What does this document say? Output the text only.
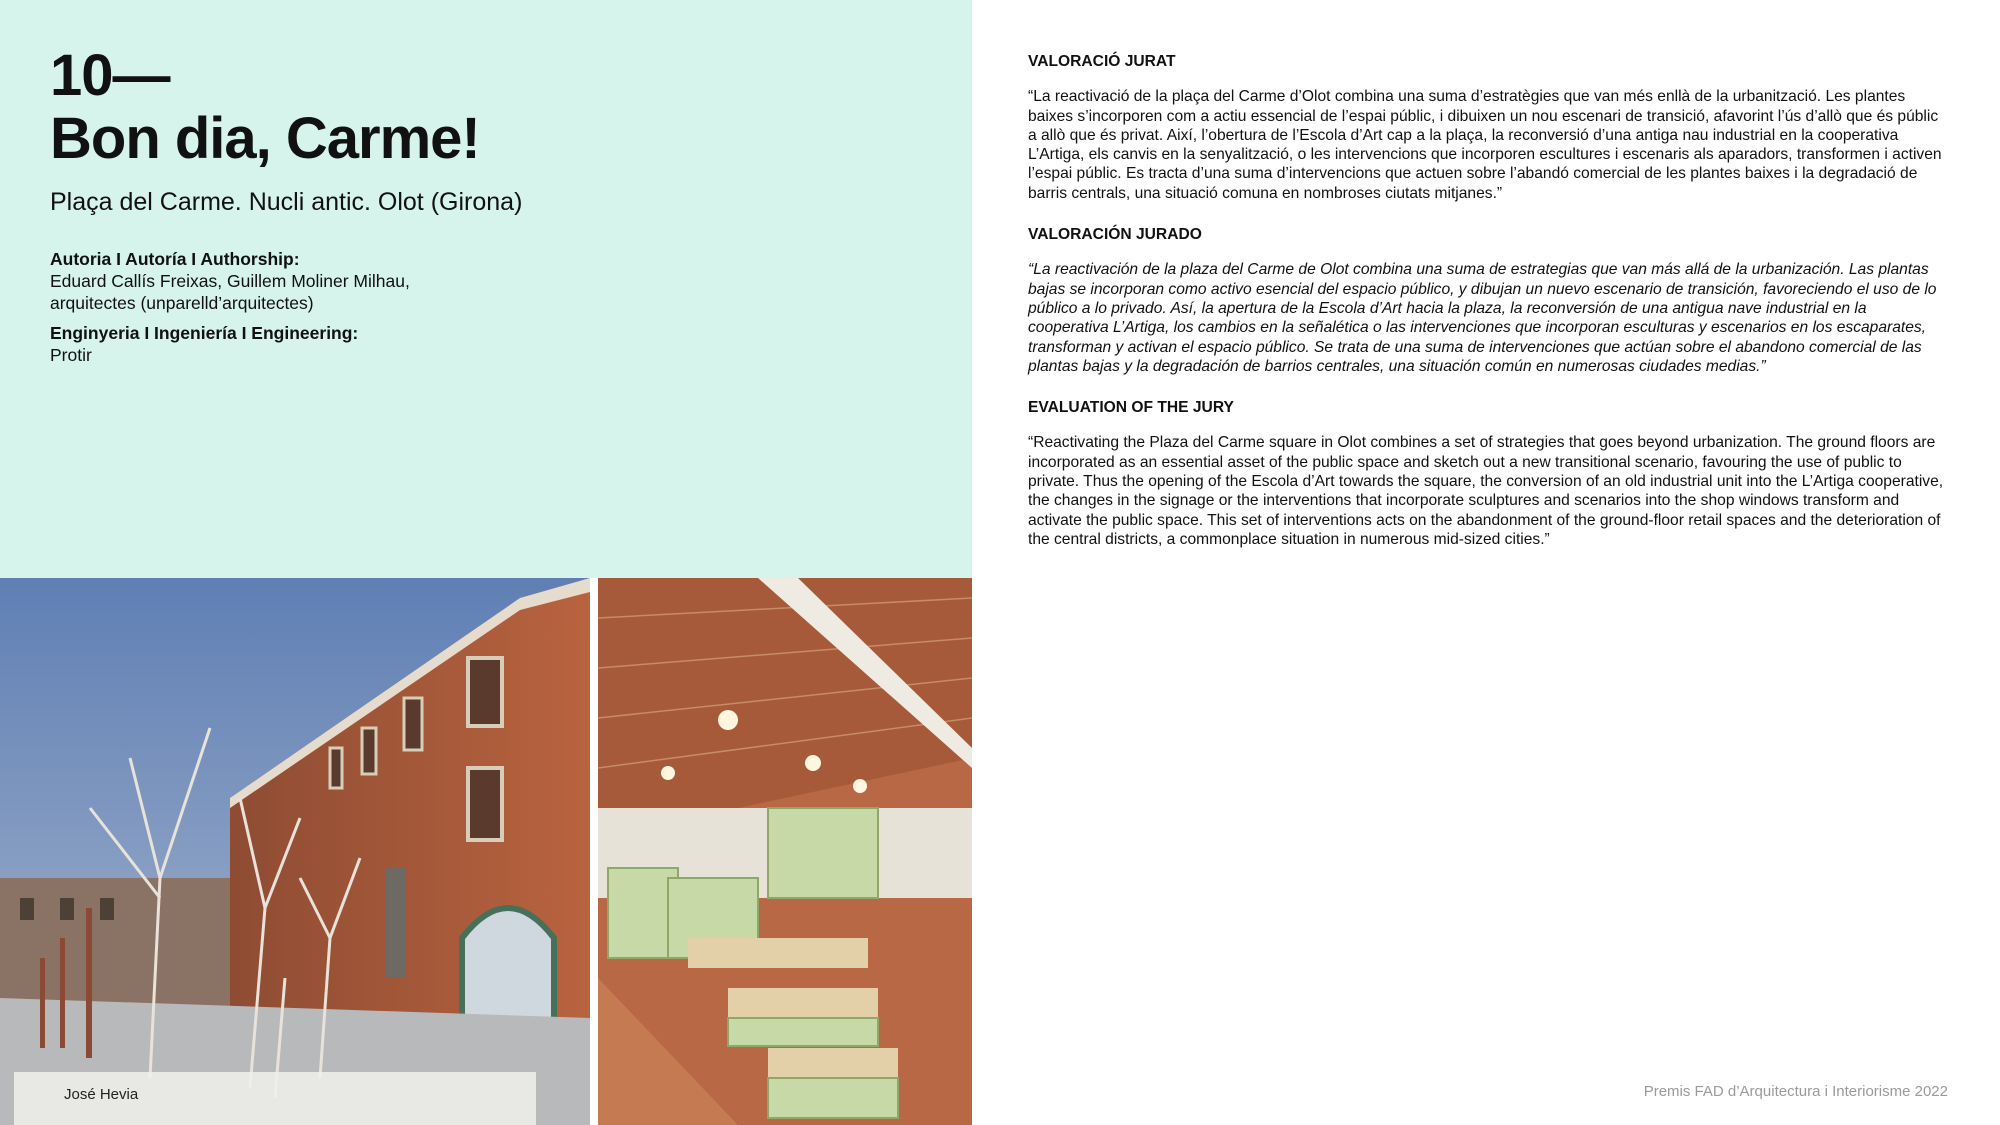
10—
Bon dia, Carme!
Plaça del Carme. Nucli antic. Olot (Girona)
Autoria I Autoría I Authorship:
Eduard Callís Freixas, Guillem Moliner Milhau,
arquitectes (unparelld’arquitectes)
Enginyeria I Ingeniería I Engineering:
Protir
José Hevia

VALORACIÓ JURAT

“La reactivació de la plaça del Carme d’Olot combina una suma d’estratègies que van més enllà de la urbanització. Les plantes baixes s’incorporen com a actiu essencial de l’espai públic, i dibuixen un nou escenari de transició, afavorint l’ús d’allò que és públic a allò que és privat. Així, l’obertura de l’Escola d’Art cap a la plaça, la reconversió d’una antiga nau industrial en la cooperativa L’Artiga, els canvis en la senyalització, o les intervencions que incorporen escultures i escenaris als aparadors, transformen i activen l’espai públic. Es tracta d’una suma d’intervencions que actuen sobre l’abandó comercial de les plantes baixes i la degradació de barris centrals, una situació comuna en nombroses ciutats mitjanes.”

VALORACIÓN JURADO

“La reactivación de la plaza del Carme de Olot combina una suma de estrategias que van más allá de la urbanización. Las plantas bajas se incorporan como activo esencial del espacio público, y dibujan un nuevo escenario de transición, favoreciendo el uso de lo público a lo privado. Así, la apertura de la Escola d’Art hacia la plaza, la reconversión de una antigua nave industrial en la cooperativa L’Artiga, los cambios en la señalética o las intervenciones que incorporan esculturas y escenarios en los escaparates, transforman y activan el espacio público. Se trata de una suma de intervenciones que actúan sobre el abandono comercial de las plantas bajas y la degradación de barrios centrales, una situación común en numerosas ciudades medias.”

EVALUATION OF THE JURY

“Reactivating the Plaza del Carme square in Olot combines a set of strategies that goes beyond urbanization. The ground floors are incorporated as an essential asset of the public space and sketch out a new transitional scenario, favouring the use of public to private. Thus the opening of the Escola d’Art towards the square, the conversion of an old industrial unit into the L’Artiga cooperative, the changes in the signage or the interventions that incorporate sculptures and scenarios into the shop windows transform and activate the public space. This set of interventions acts on the abandonment of the ground-floor retail spaces and the deterioration of the central districts, a commonplace situation in numerous mid-sized cities.”

Premis FAD d’Arquitectura i Interiorisme 2022
